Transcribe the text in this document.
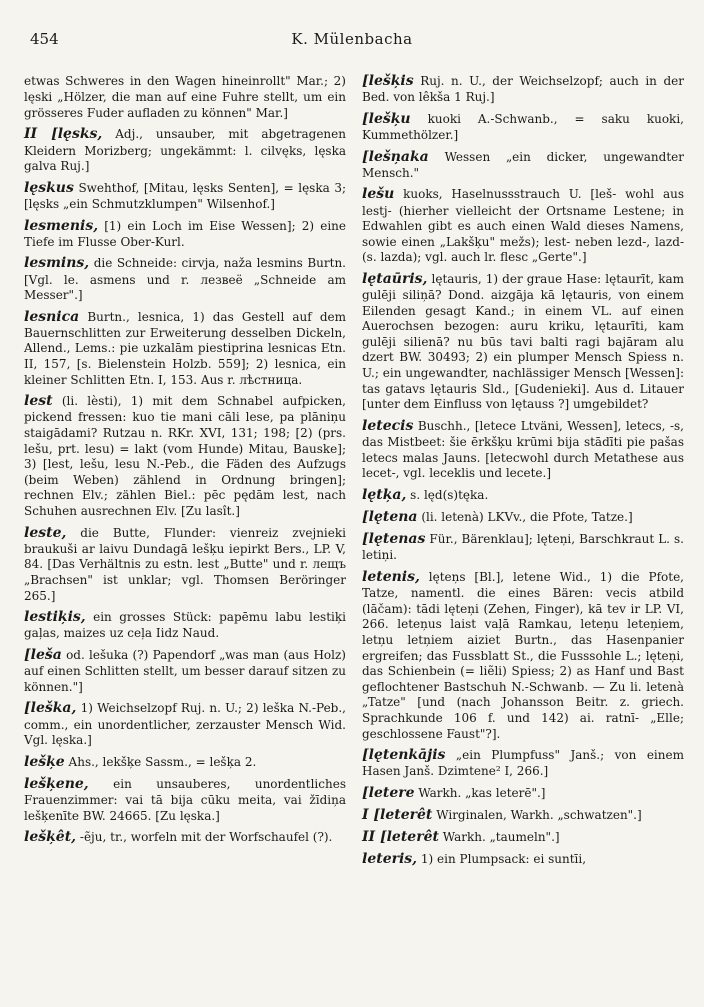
454	K. Mülenbacha

etwas Schweres in den Wagen hineinrollt" Mar.; 2) lęski „Hölzer, die man auf eine Fuhre stellt, um ein grösseres Fuder aufladen zu können" Mar.]

II [lęsks, Adj., unsauber, mit abgetragenen Kleidern Morizberg; ungekämmt: l. cilvęks, lęska galva Ruj.]

lęskus Swehthof, [Mitau, lęsks Senten], = lęska 3; [lęsks „ein Schmutzklumpen" Wilsenhof.]

lesmenis, [1) ein Loch im Eise Wessen]; 2) eine Tiefe im Flusse Ober-Kurl.

lesmins, die Schneide: cirvja, naža lesmins Burtn. [Vgl. le. asmens und r. лезвеё „Schneide am Messer".]

lesnica Burtn., lesnica, 1) das Gestell auf dem Bauernschlitten zur Erweiterung desselben Dickeln, Allend., Lems.: pie uzkalām piestiprina lesnicas Etn. II, 157, [s. Bielenstein Holzb. 559]; 2) lesnica, ein kleiner Schlitten Etn. I, 153. Aus r. лѣстница.

lest (li. lèsti), 1) mit dem Schnabel aufpicken, pickend fressen: kuo tie mani cāli lese, pa plāniņu staigādami? Rutzau n. RKr. XVI, 131; 198; [2) (prs. lešu, prt. lesu) = lakt (vom Hunde) Mitau, Bauske]; 3) [lest, lešu, lesu N.-Peb., die Fäden des Aufzugs (beim Weben) zählend in Ordnung bringen]; rechnen Elv.; zählen Biel.: pēc pędām lest, nach Schuhen ausrechnen Elv. [Zu lasît.]

leste, die Butte, Flunder: vienreiz zvejnieki braukuši ar laivu Dundagā lešķu iepirkt Bers., LP. V, 84. [Das Verhältnis zu estn. lest „Butte" und r. лещъ „Brachsen" ist unklar; vgl. Thomsen Beröringer 265.]

lestiķis, ein grosses Stück: papēmu labu lestiķi gaļas, maizes uz ceļa Iidz Naud.

[leša od. lešuka (?) Papendorf „was man (aus Holz) auf einen Schlitten stellt, um besser darauf sitzen zu können."]

[leška, 1) Weichselzopf Ruj. n. U.; 2) leška N.-Peb., comm., ein unordentlicher, zerzauster Mensch Wid. Vgl. lęska.]

lešķe Ahs., lekšķe Sassm., = lešķa 2.

lešķene, ein unsauberes, unordentliches Frauenzimmer: vai tā bija cūku meita, vai žīdiņa lešķenīte BW. 24665. [Zu lęska.]

lešķêt, -ẽju, tr., worfeln mit der Worfschaufel (?).

[lešķis Ruj. n. U., der Weichselzopf; auch in der Bed. von lêkša 1 Ruj.]

[lešķu kuoki A.-Schwanb., = saku kuoki, Kummethölzer.]

[lešņaka Wessen „ein dicker, ungewandter Mensch."

lešu kuoks, Haselnussstrauch U. [leš- wohl aus lestj- (hierher vielleicht der Ortsname Lestene; in Edwahlen gibt es auch einen Wald dieses Namens, sowie einen „Lakšķu" mežs); lest- neben lezd-, lazd- (s. lazda); vgl. auch lr. flesc „Gerte".]

lętaūris, lętauris, 1) der graue Hase: lętaurīt, kam gulēji siliņā? Dond. aizgāja kā lętauris, von einem Eilenden gesagt Kand.; in einem VL. auf einen Auerochsen bezogen: auru kriku, lętaurīti, kam gulēji silienā? nu būs tavi balti ragi bajāram alu dzert BW. 30493; 2) ein plumper Mensch Spiess n. U.; ein ungewandter, nachlässiger Mensch [Wessen]: tas gatavs lętauris Sld., [Gudenieki]. Aus d. Litauer [unter dem Einfluss von lętauss ?] umgebildet?

letecis Buschh., [letece Ltväni, Wessen], letecs, -s, das Mistbeet: šie ērkšķu krūmi bija stādīti pie pašas letecs malas Jauns. [letecwohl durch Metathese aus lecet-, vgl. leceklis und lecete.]

lętķa, s. lęd(s)tęka.

[lętena (li. letenà) LKVv., die Pfote, Tatze.]

[lętenas Für., Bärenklau]; lęteņi, Barschkraut L. s. letiņi.

letenis, lęteņs [Bl.], letene Wid., 1) die Pfote, Tatze, namentl. die eines Bären: vecis atbild (lāčam): tādi lęteņi (Zehen, Finger), kā tev ir LP. VI, 266. leteņus laist vaļā Ramkau, leteņu leteņiem, letņu letņiem aiziet Burtn., das Hasenpanier ergreifen; das Fussblatt St., die Fusssohle L.; lęteņi, das Schienbein (= liẽli) Spiess; 2) as Hanf und Bast geflochtener Bastschuh N.-Schwanb. — Zu li. letenà „Tatze" [und (nach Johansson Beitr. z. griech. Sprachkunde 106 f. und 142) ai. ratnī- „Elle; geschlossene Faust"?].

[lętenkājis „ein Plumpfuss" Janš.; von einem Hasen Janš. Dzimtene² I, 266.]

[letere Warkh. „kas leterē".]

I [leterêt Wirginalen, Warkh. „schwatzen".]

II [leterêt Warkh. „taumeln".]

leteris, 1) ein Plumpsack: ei suntīi,
